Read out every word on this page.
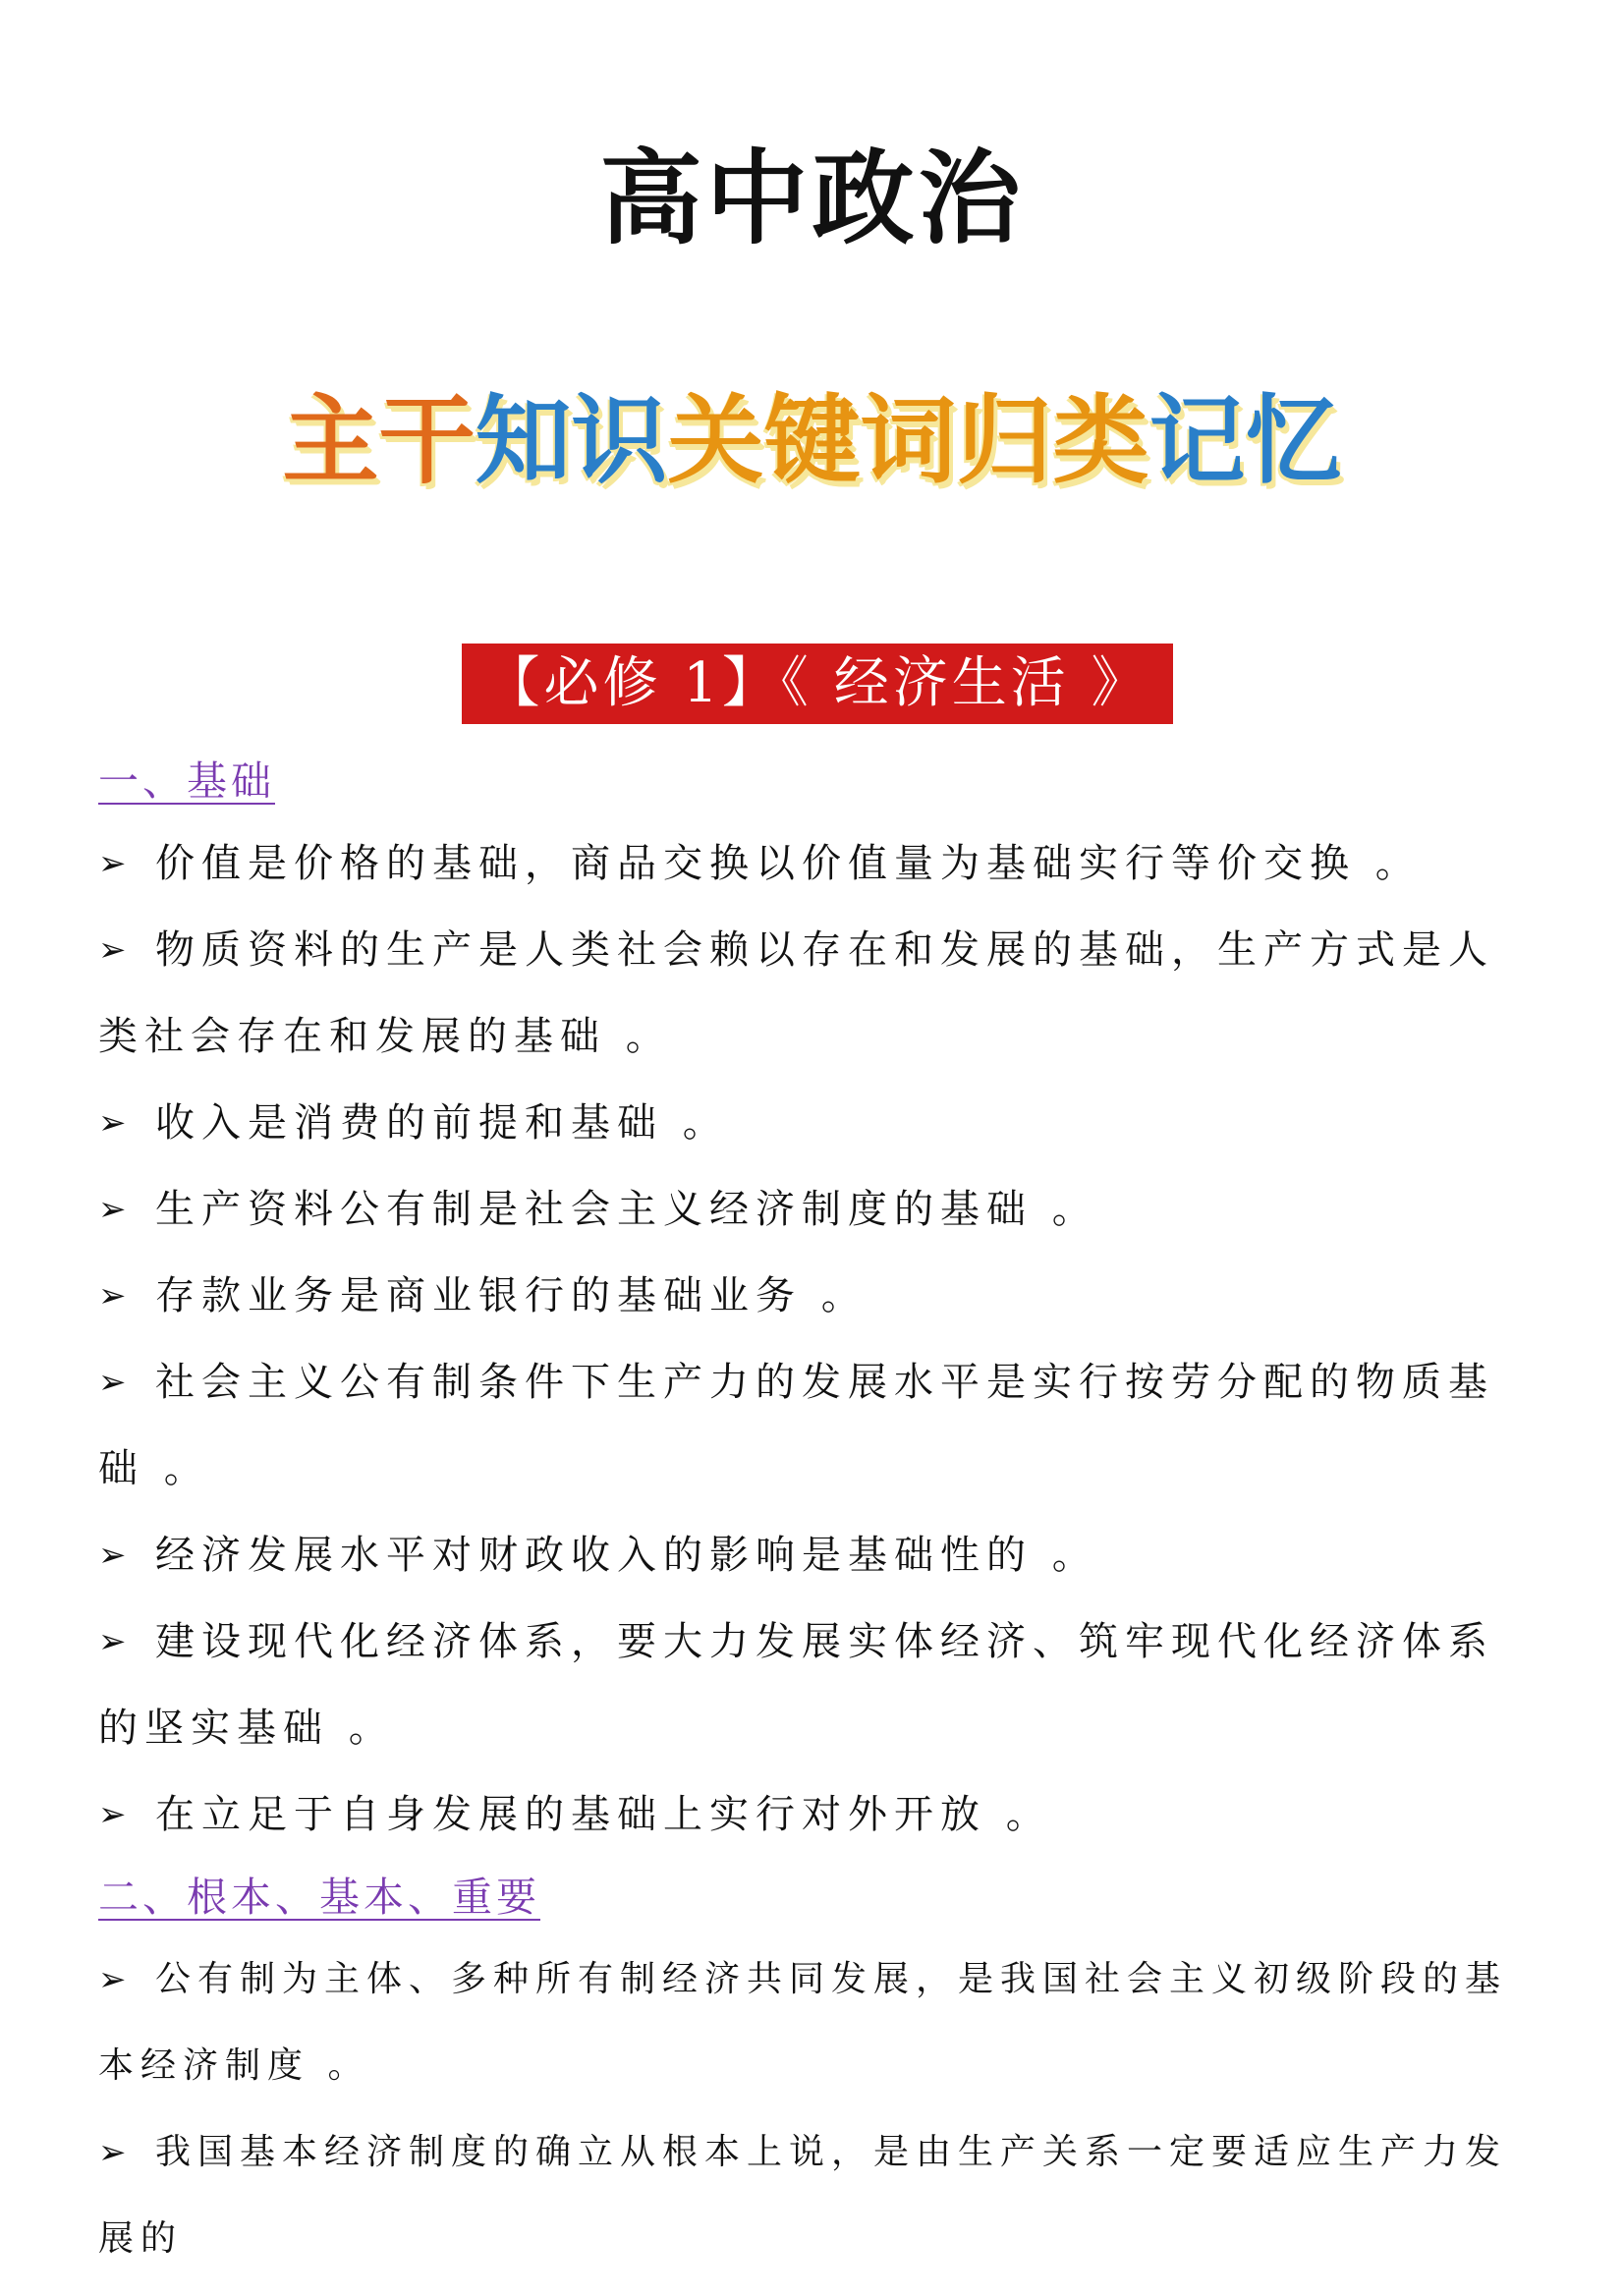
高中政治
主干知识关键词归类记忆
【必修 1】《 经济生活 》
一、基础

➢ 价值是价格的基础，商品交换以价值量为基础实行等价交换 。

➢ 物质资料的生产是人类社会赖以存在和发展的基础，生产方式是人类社会存在和发展的基础 。

➢ 收入是消费的前提和基础 。

➢ 生产资料公有制是社会主义经济制度的基础 。

➢ 存款业务是商业银行的基础业务 。

➢ 社会主义公有制条件下生产力的发展水平是实行按劳分配的物质基础 。

➢ 经济发展水平对财政收入的影响是基础性的 。

➢ 建设现代化经济体系，要大力发展实体经济、筑牢现代化经济体系的坚实基础 。

➢ 在立足于自身发展的基础上实行对外开放 。

二、根本、基本、重要

➢ 公有制为主体、多种所有制经济共同发展，是我国社会主义初级阶段的基本经济制度 。

➢ 我国基本经济制度的确立从根本上说，是由生产关系一定要适应生产力发展的
